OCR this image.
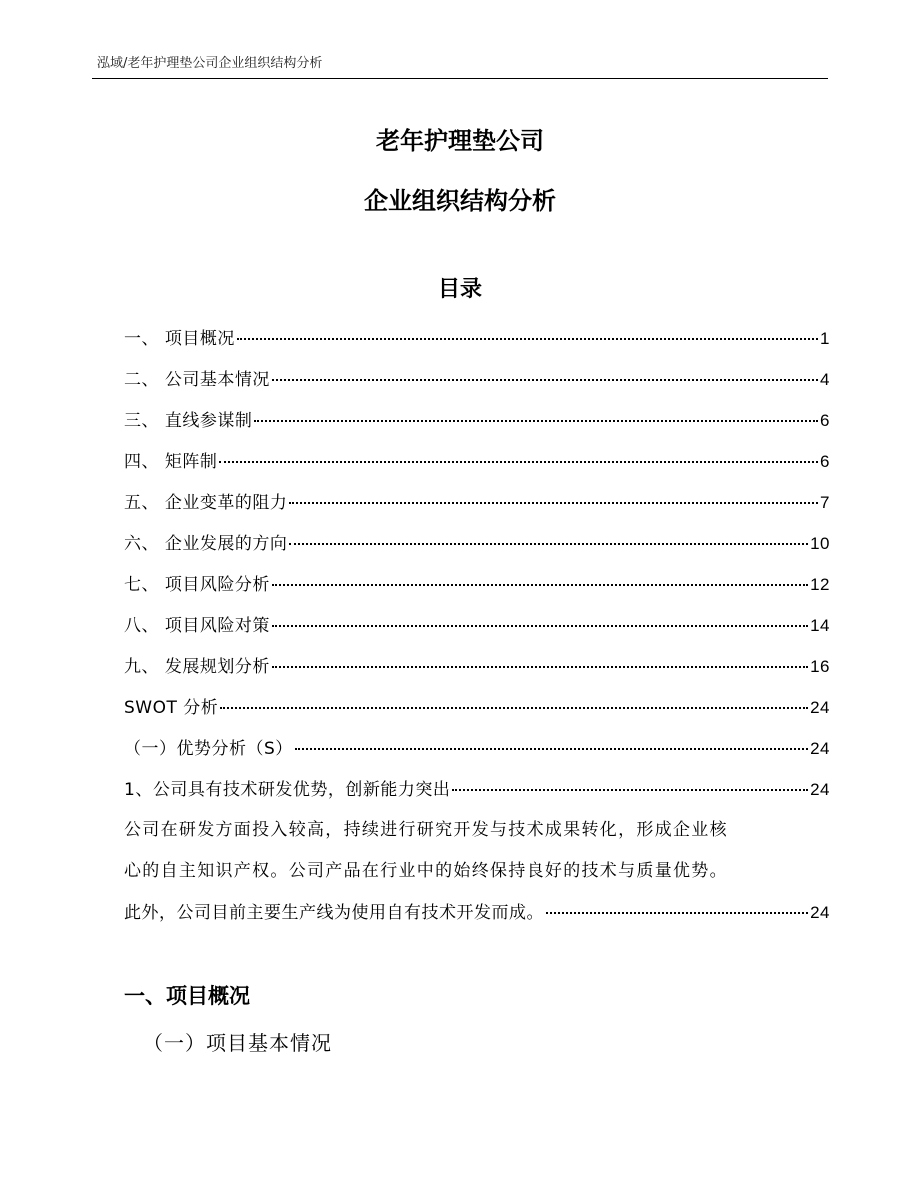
泓域/老年护理垫公司企业组织结构分析
老年护理垫公司
企业组织结构分析
目录
一、 项目概况	1
二、 公司基本情况	4
三、 直线参谋制	6
四、 矩阵制	6
五、 企业变革的阻力	7
六、 企业发展的方向	10
七、 项目风险分析	12
八、 项目风险对策	14
九、 发展规划分析	16
SWOT 分析	24
（一）优势分析（S）	24
1、公司具有技术研发优势，创新能力突出	24
公司在研发方面投入较高，持续进行研究开发与技术成果转化，形成企业核
心的自主知识产权。公司产品在行业中的始终保持良好的技术与质量优势。
此外，公司目前主要生产线为使用自有技术开发而成。	24
一、项目概况
（一）项目基本情况
